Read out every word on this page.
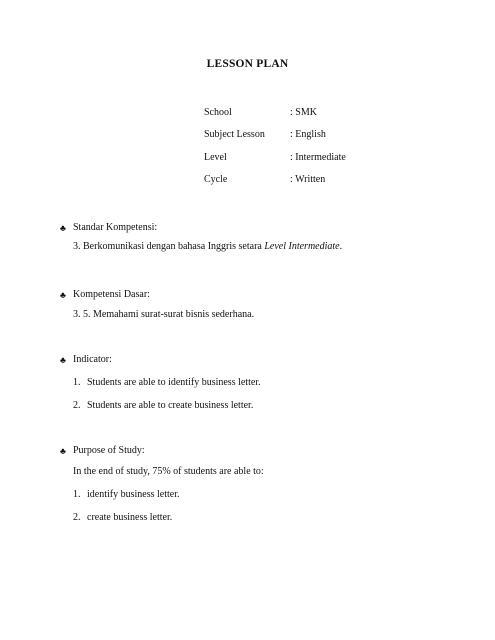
LESSON PLAN
School	: SMK
Subject Lesson	: English
Level	: Intermediate
Cycle	: Written
♣ Standar Kompetensi:
3. Berkomunikasi dengan bahasa Inggris setara Level Intermediate.
♣ Kompetensi Dasar:
3. 5. Memahami surat-surat bisnis sederhana.
♣ Indicator:
1. Students are able to identify business letter.
2. Students are able to create business letter.
♣ Purpose of Study:
In the end of study, 75% of students are able to:
1. identify business letter.
2. create business letter.
